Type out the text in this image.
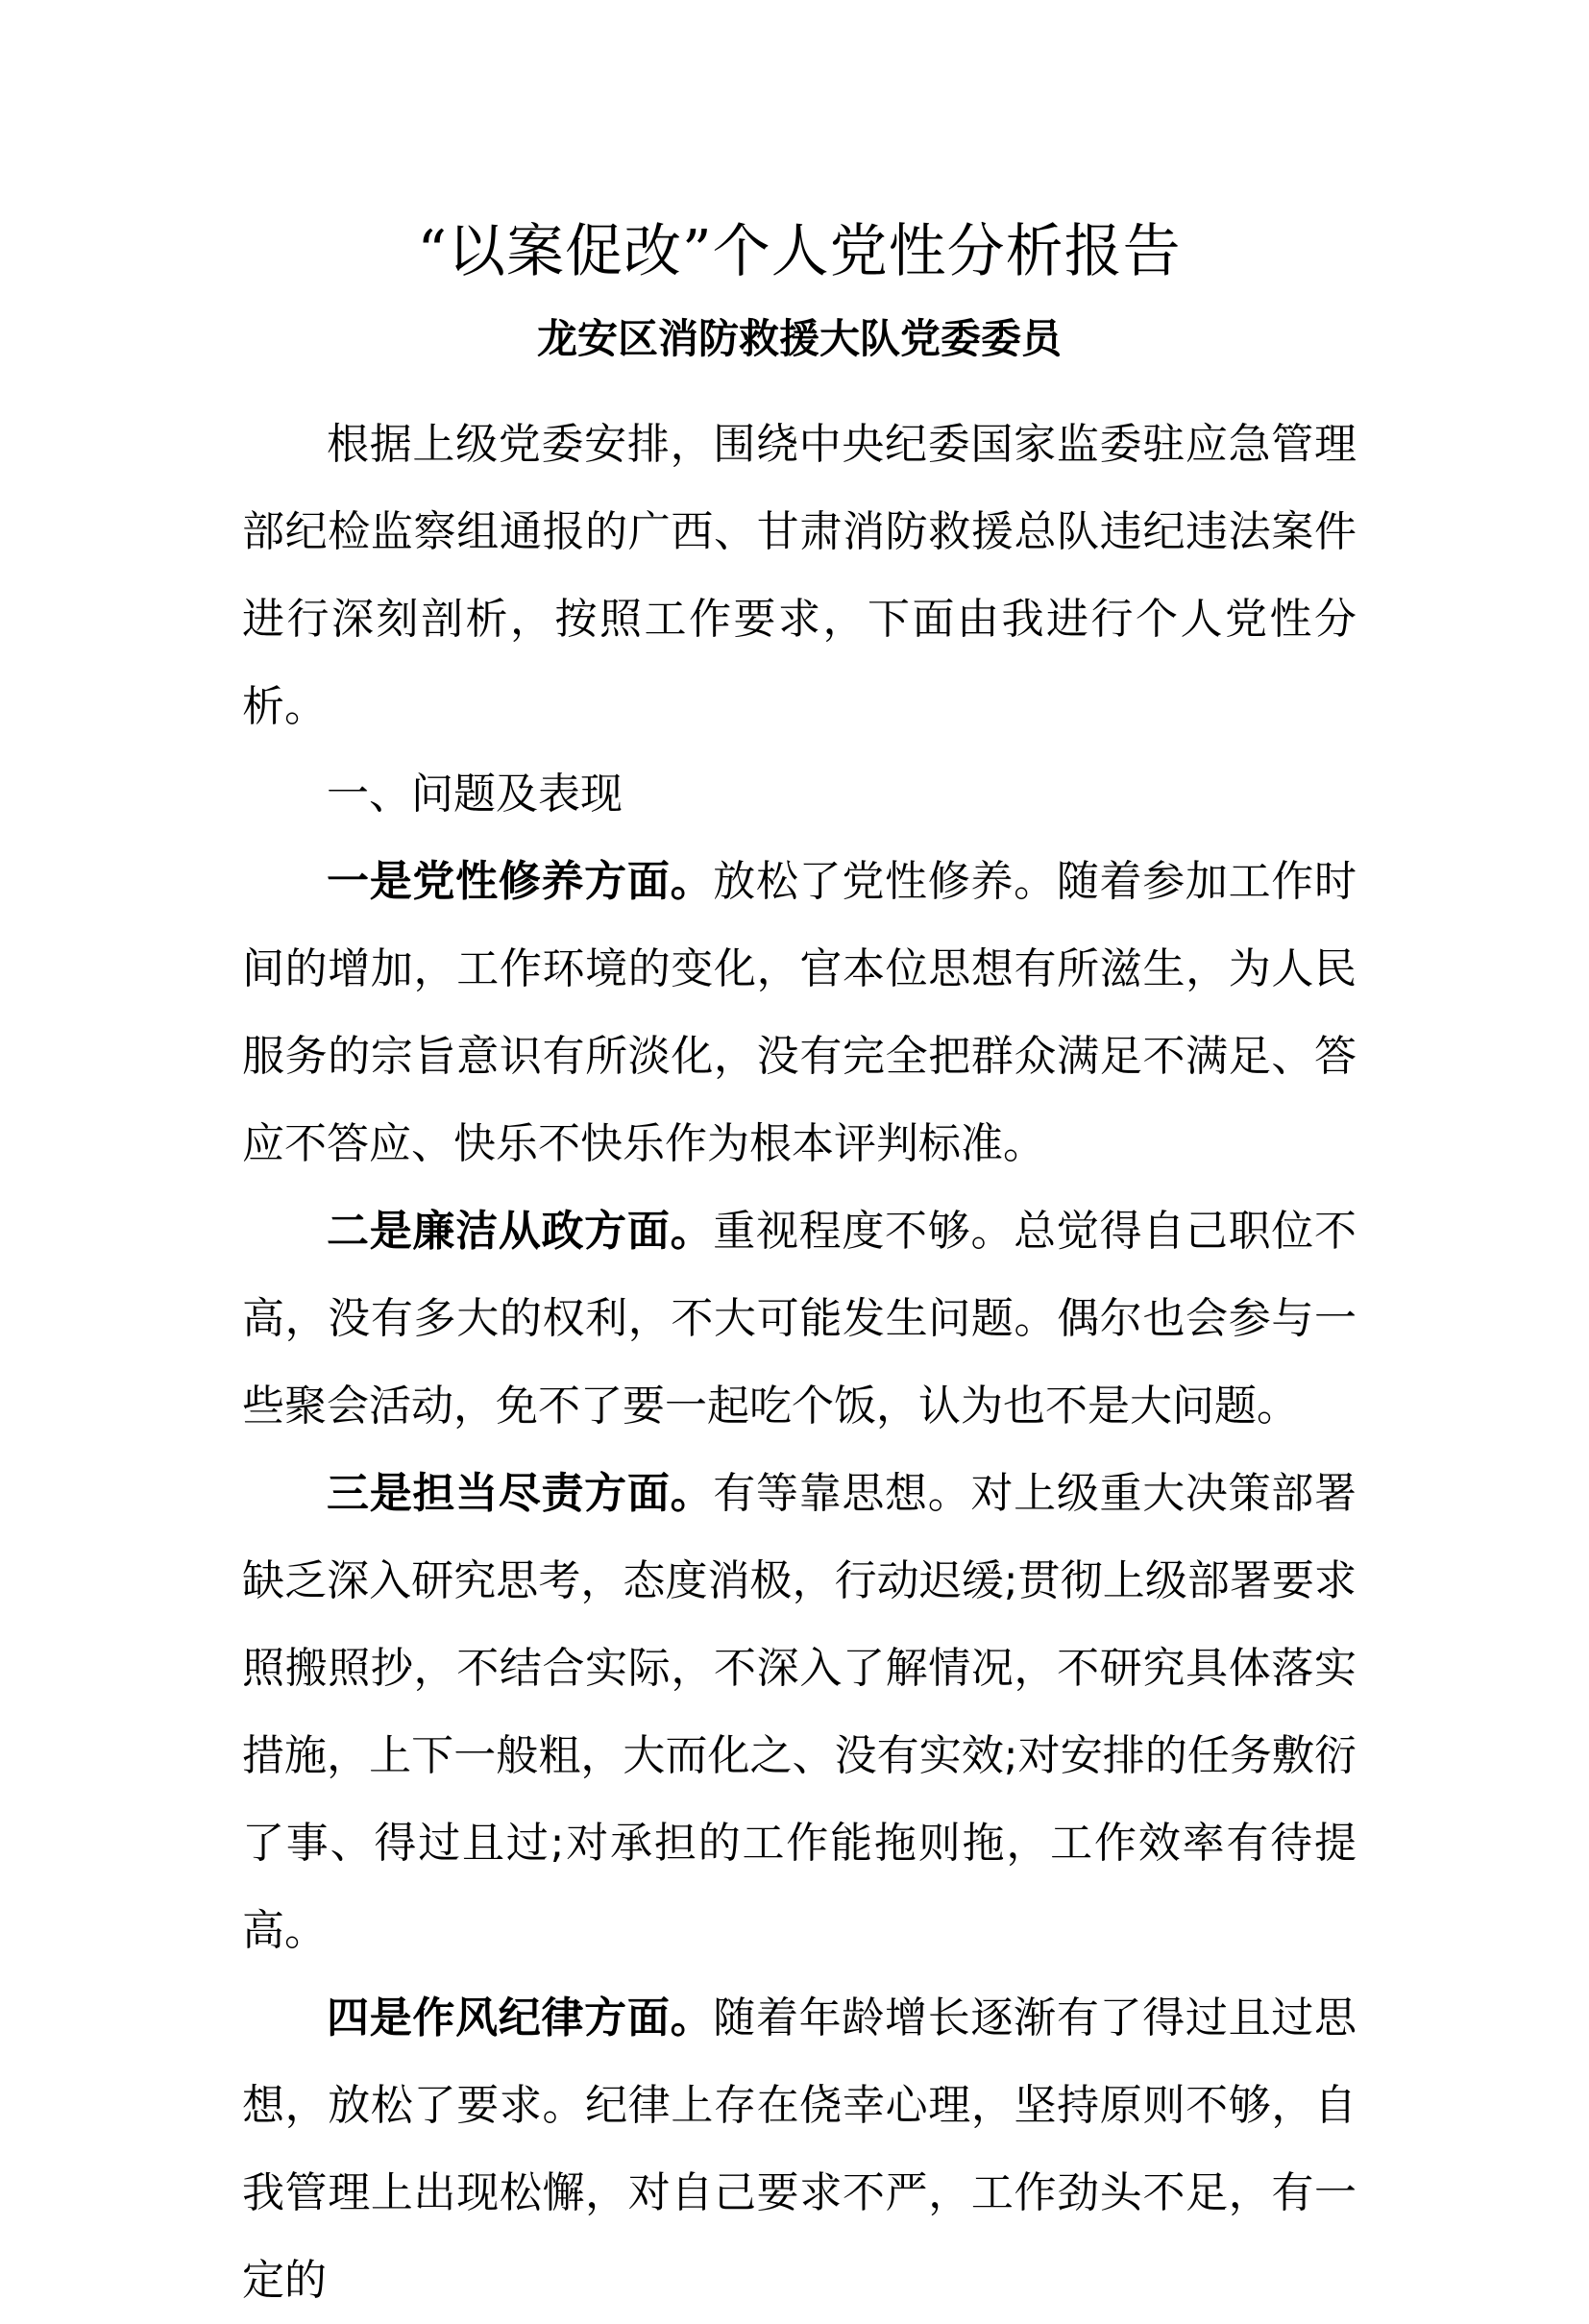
“以案促改”个人党性分析报告
龙安区消防救援大队党委委员

根据上级党委安排，围绕中央纪委国家监委驻应急管理部纪检监察组通报的广西、甘肃消防救援总队违纪违法案件进行深刻剖析，按照工作要求，下面由我进行个人党性分析。

一、问题及表现

一是党性修养方面。放松了党性修养。随着参加工作时间的增加，工作环境的变化，官本位思想有所滋生，为人民服务的宗旨意识有所淡化，没有完全把群众满足不满足、答应不答应、快乐不快乐作为根本评判标准。

二是廉洁从政方面。重视程度不够。总觉得自己职位不高，没有多大的权利，不大可能发生问题。偶尔也会参与一些聚会活动，免不了要一起吃个饭，认为也不是大问题。

三是担当尽责方面。有等靠思想。对上级重大决策部署缺乏深入研究思考，态度消极，行动迟缓;贯彻上级部署要求照搬照抄，不结合实际，不深入了解情况，不研究具体落实措施，上下一般粗，大而化之、没有实效;对安排的任务敷衍了事、得过且过;对承担的工作能拖则拖，工作效率有待提高。

四是作风纪律方面。随着年龄增长逐渐有了得过且过思想，放松了要求。纪律上存在侥幸心理，坚持原则不够，自我管理上出现松懈，对自己要求不严，工作劲头不足，有一定的
